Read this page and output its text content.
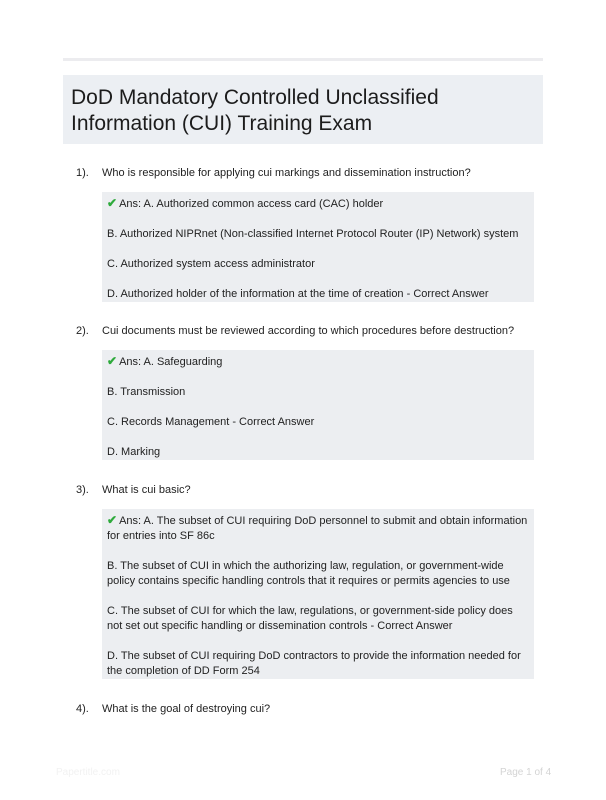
DoD Mandatory Controlled Unclassified Information (CUI) Training Exam
1). Who is responsible for applying cui markings and dissemination instruction?

✔ Ans: A. Authorized common access card (CAC) holder

B. Authorized NIPRnet (Non-classified Internet Protocol Router (IP) Network) system

C. Authorized system access administrator

D. Authorized holder of the information at the time of creation - Correct Answer

2). Cui documents must be reviewed according to which procedures before destruction?

✔ Ans: A. Safeguarding

B. Transmission

C. Records Management - Correct Answer

D. Marking

3). What is cui basic?

✔ Ans: A. The subset of CUI requiring DoD personnel to submit and obtain information for entries into SF 86c

B. The subset of CUI in which the authorizing law, regulation, or government-wide policy contains specific handling controls that it requires or permits agencies to use

C. The subset of CUI for which the law, regulations, or government-side policy does not set out specific handling or dissemination controls - Correct Answer

D. The subset of CUI requiring DoD contractors to provide the information needed for the completion of DD Form 254

4). What is the goal of destroying cui?
Papertitle.com	Page 1 of 4
